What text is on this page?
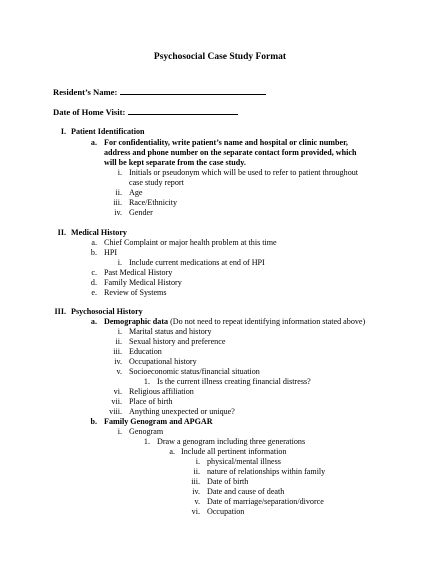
Psychosocial Case Study Format
Resident’s Name:
Date of Home Visit:
I. Patient Identification
a. For confidentiality, write patient’s name and hospital or clinic number,
address and phone number on the separate contact form provided, which
will be kept separate from the case study.
i. Initials or pseudonym which will be used to refer to patient throughout
case study report
ii. Age
iii. Race/Ethnicity
iv. Gender
II. Medical History
a. Chief Complaint or major health problem at this time
b. HPI
i. Include current medications at end of HPI
c. Past Medical History
d. Family Medical History
e. Review of Systems
III. Psychosocial History
a. Demographic data (Do not need to repeat identifying information stated above)
i. Marital status and history
ii. Sexual history and preference
iii. Education
iv. Occupational history
v. Socioeconomic status/financial situation
1. Is the current illness creating financial distress?
vi. Religious affiliation
vii. Place of birth
viii. Anything unexpected or unique?
b. Family Genogram and APGAR
i. Genogram
1. Draw a genogram including three generations
a. Include all pertinent information
i. physical/mental illness
ii. nature of relationships within family
iii. Date of birth
iv. Date and cause of death
v. Date of marriage/separation/divorce
vi. Occupation
